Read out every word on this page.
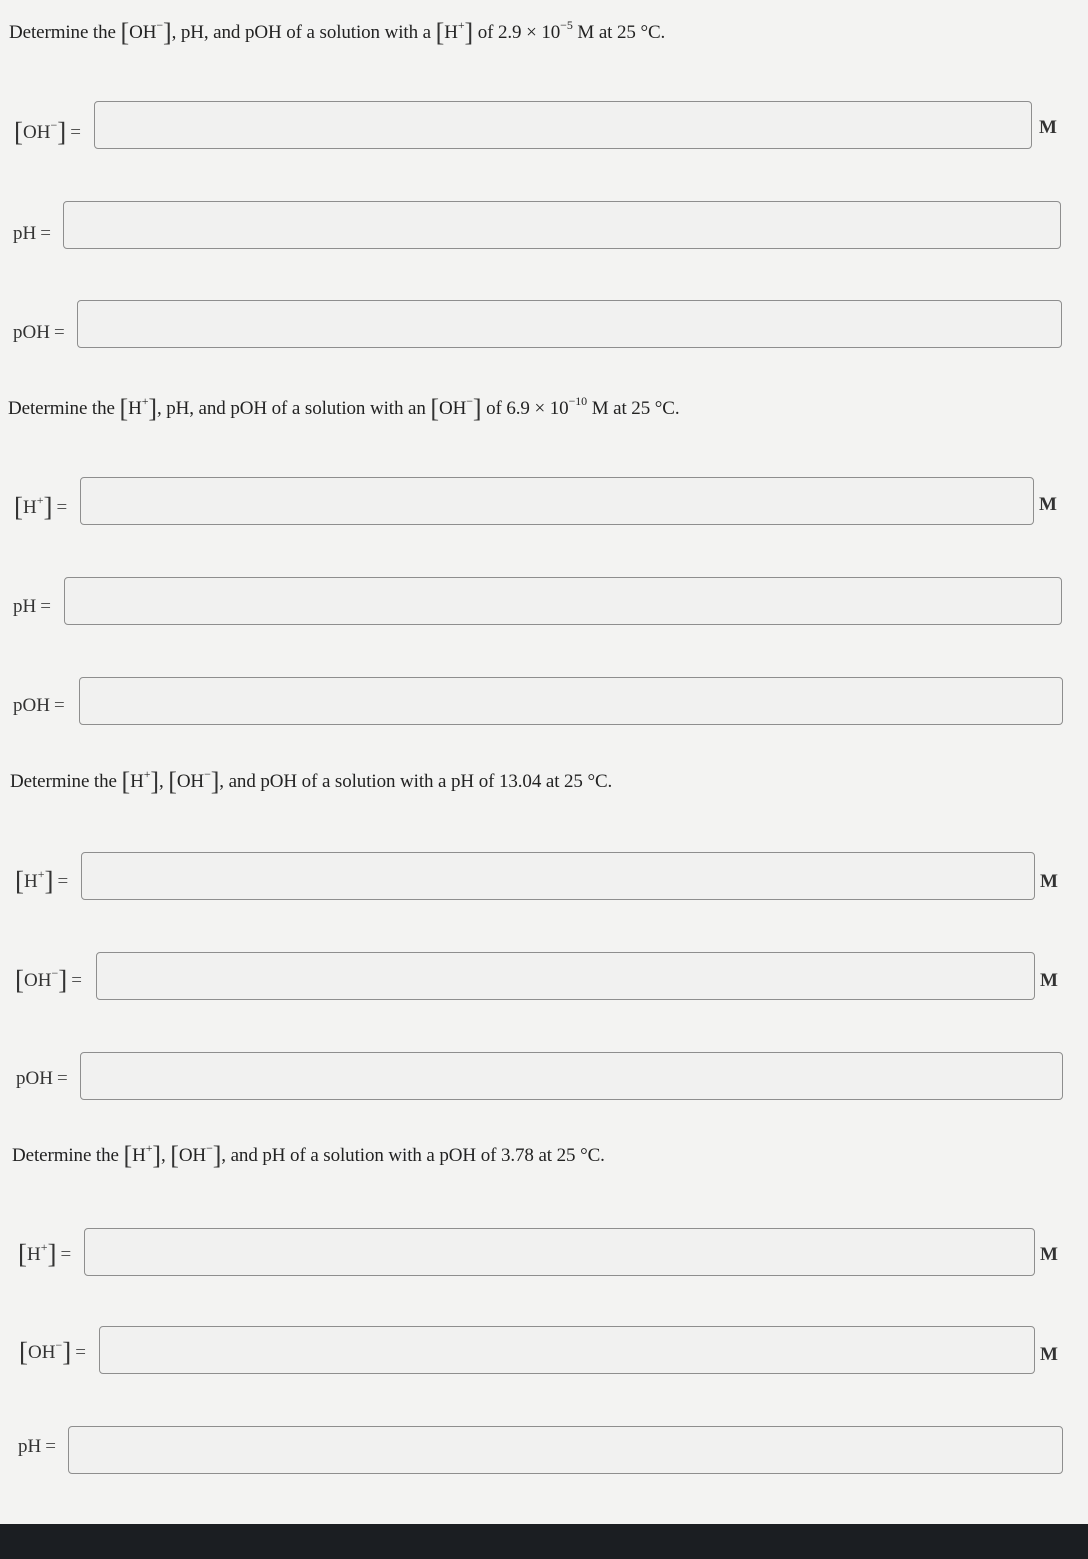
Determine the [OH−], pH, and pOH of a solution with a [H+] of $2.9 \times 10^{-5}$ M at 25 °C.
[OH−] =	M
pH =
pOH =
Determine the [H+], pH, and pOH of a solution with an [OH−] of $6.9 \times 10^{-10}$ M at 25 °C.
[H+] =	M
pH =
pOH =
Determine the [H+], [OH−], and pOH of a solution with a pH of 13.04 at 25 °C.
[H+] =	M
[OH−] =	M
pOH =
Determine the [H+], [OH−], and pH of a solution with a pOH of 3.78 at 25 °C.
[H+] =	M
[OH−] =	M
pH =
